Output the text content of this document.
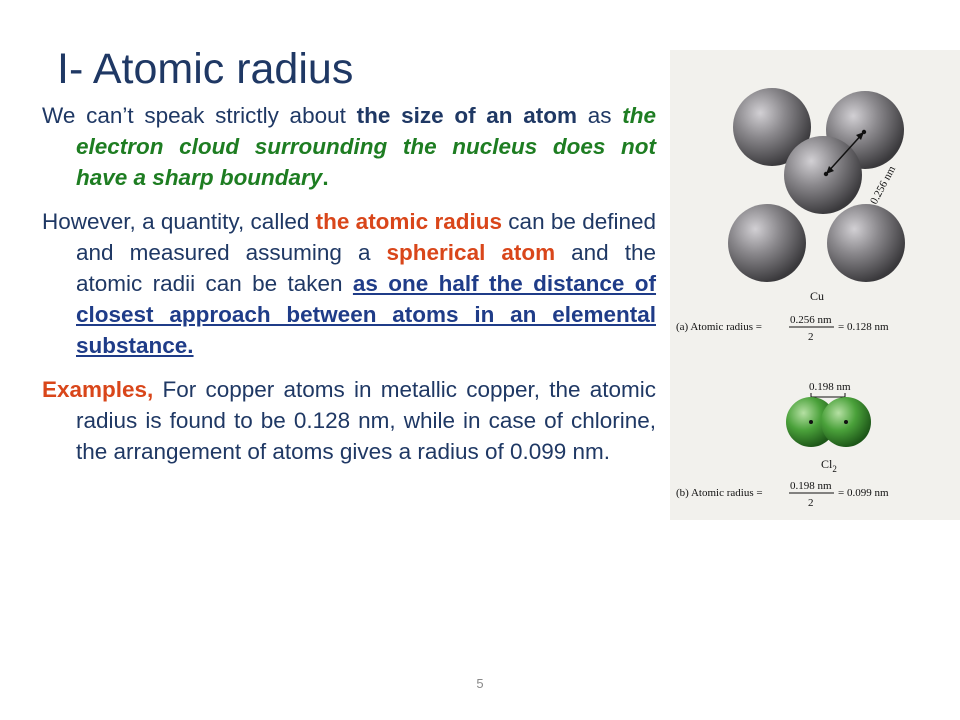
I- Atomic radius

We can’t speak strictly about the size of an atom as the electron cloud surrounding the nucleus does not have a sharp boundary.

However, a quantity, called the atomic radius can be defined and measured assuming a spherical atom and the atomic radii can be taken as one half the distance of closest approach between atoms in an elemental substance.

Examples, For copper atoms in metallic copper, the atomic radius is found to be 0.128 nm, while in case of chlorine, the arrangement of atoms gives a radius of 0.099 nm.

0.256 nm
Cu
(a) Atomic radius =
0.256 nm
2
= 0.128 nm
0.198 nm
$Cl_2$
(b) Atomic radius =
0.198 nm
2
= 0.099 nm
5
